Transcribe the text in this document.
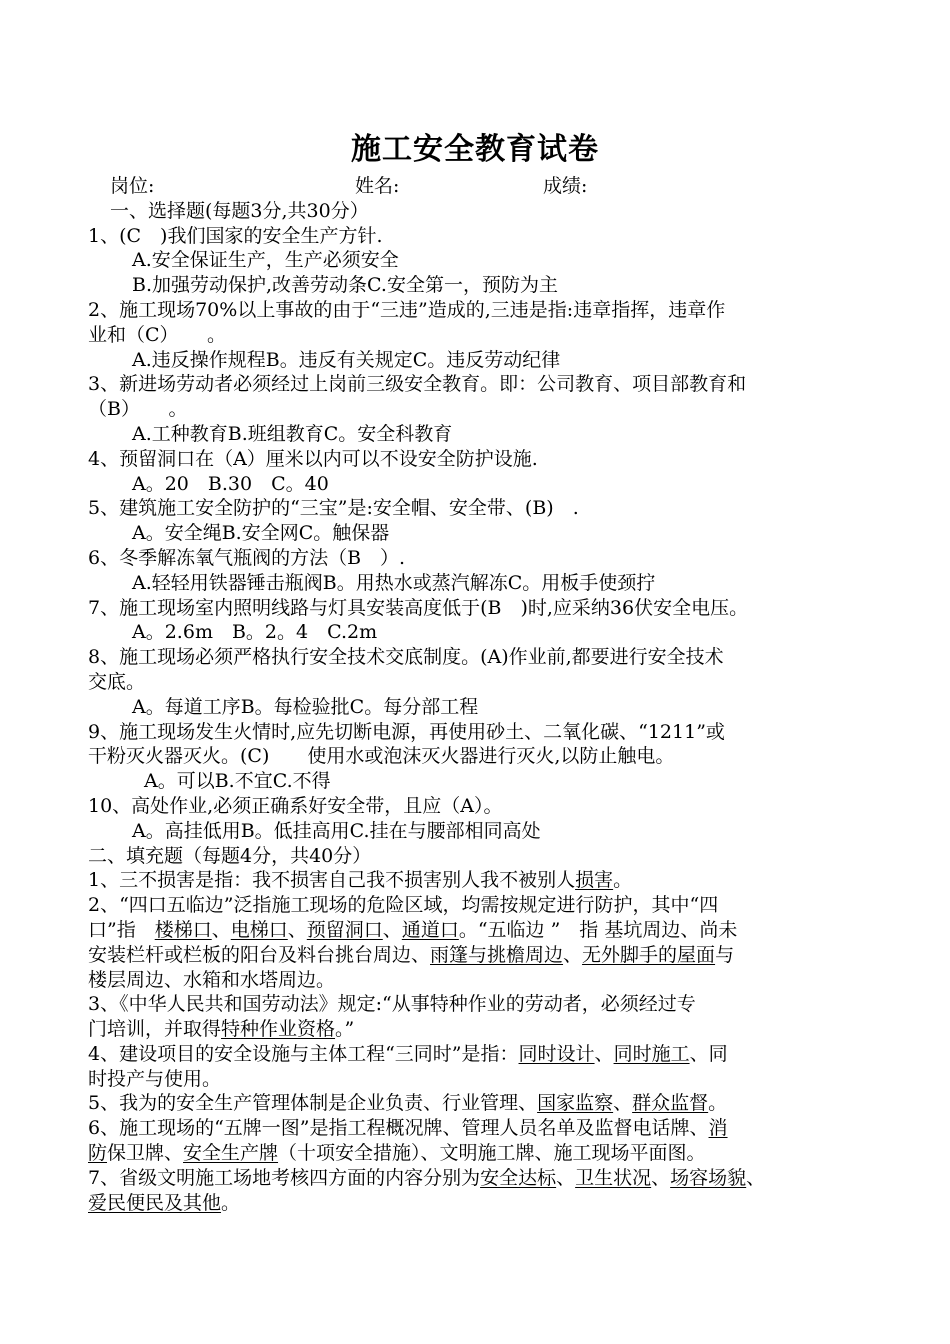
施工安全教育试卷
岗位:	姓名:	成绩:
一、选择题(每题3分,共30分）
1、(C　)我们国家的安全生产方针.
A.安全保证生产，生产必须安全
B.加强劳动保护,改善劳动条C.安全第一，预防为主
2、施工现场70%以上事故的由于“三违”造成的,三违是指:违章指挥，违章作
业和（C）　　。
A.违反操作规程B。违反有关规定C。违反劳动纪律
3、新进场劳动者必须经过上岗前三级安全教育。即：公司教育、项目部教育和
（B）　　。
A.工种教育B.班组教育C。安全科教育
4、预留洞口在（A）厘米以内可以不设安全防护设施.
A。20　B.30　C。40
5、建筑施工安全防护的“三宝”是:安全帽、安全带、(B)　.
A。安全绳B.安全网C。触保器
6、冬季解冻氧气瓶阀的方法（B　）.
A.轻轻用铁器锤击瓶阀B。用热水或蒸汽解冻C。用板手使颈拧
7、施工现场室内照明线路与灯具安装高度低于(B　)时,应采纳36伏安全电压。
A。2.6m　B。2。4　C.2m
8、施工现场必须严格执行安全技术交底制度。(A)作业前,都要进行安全技术
交底。
A。每道工序B。每检验批C。每分部工程
9、施工现场发生火情时,应先切断电源，再使用砂土、二氧化碳、“1211”或
干粉灭火器灭火。(C)　　使用水或泡沫灭火器进行灭火,以防止触电。
A。可以B.不宜C.不得
10、高处作业,必须正确系好安全带，且应（A）。
A。高挂低用B。低挂高用C.挂在与腰部相同高处
二、填充题（每题4分，共40分）
1、三不损害是指：我不损害自己我不损害别人我不被别人损害。
2、“四口五临边”泛指施工现场的危险区域，均需按规定进行防护，其中“四
口”指　楼梯口、电梯口、预留洞口、通道口。“五临边 ”　指 基坑周边、尚未
安装栏杆或栏板的阳台及料台挑台周边、雨篷与挑檐周边、无外脚手的屋面与
楼层周边、水箱和水塔周边。
3、《中华人民共和国劳动法》规定:“从事特种作业的劳动者，必须经过专
门培训，并取得特种作业资格。”
4、建设项目的安全设施与主体工程“三同时”是指：同时设计、同时施工、同
时投产与使用。
5、我为的安全生产管理体制是企业负责、行业管理、国家监察、群众监督。
6、施工现场的“五牌一图”是指工程概况牌、管理人员名单及监督电话牌、消
防保卫牌、安全生产牌（十项安全措施）、文明施工牌、施工现场平面图。
7、省级文明施工场地考核四方面的内容分别为安全达标、卫生状况、场容场貌、
爱民便民及其他。
